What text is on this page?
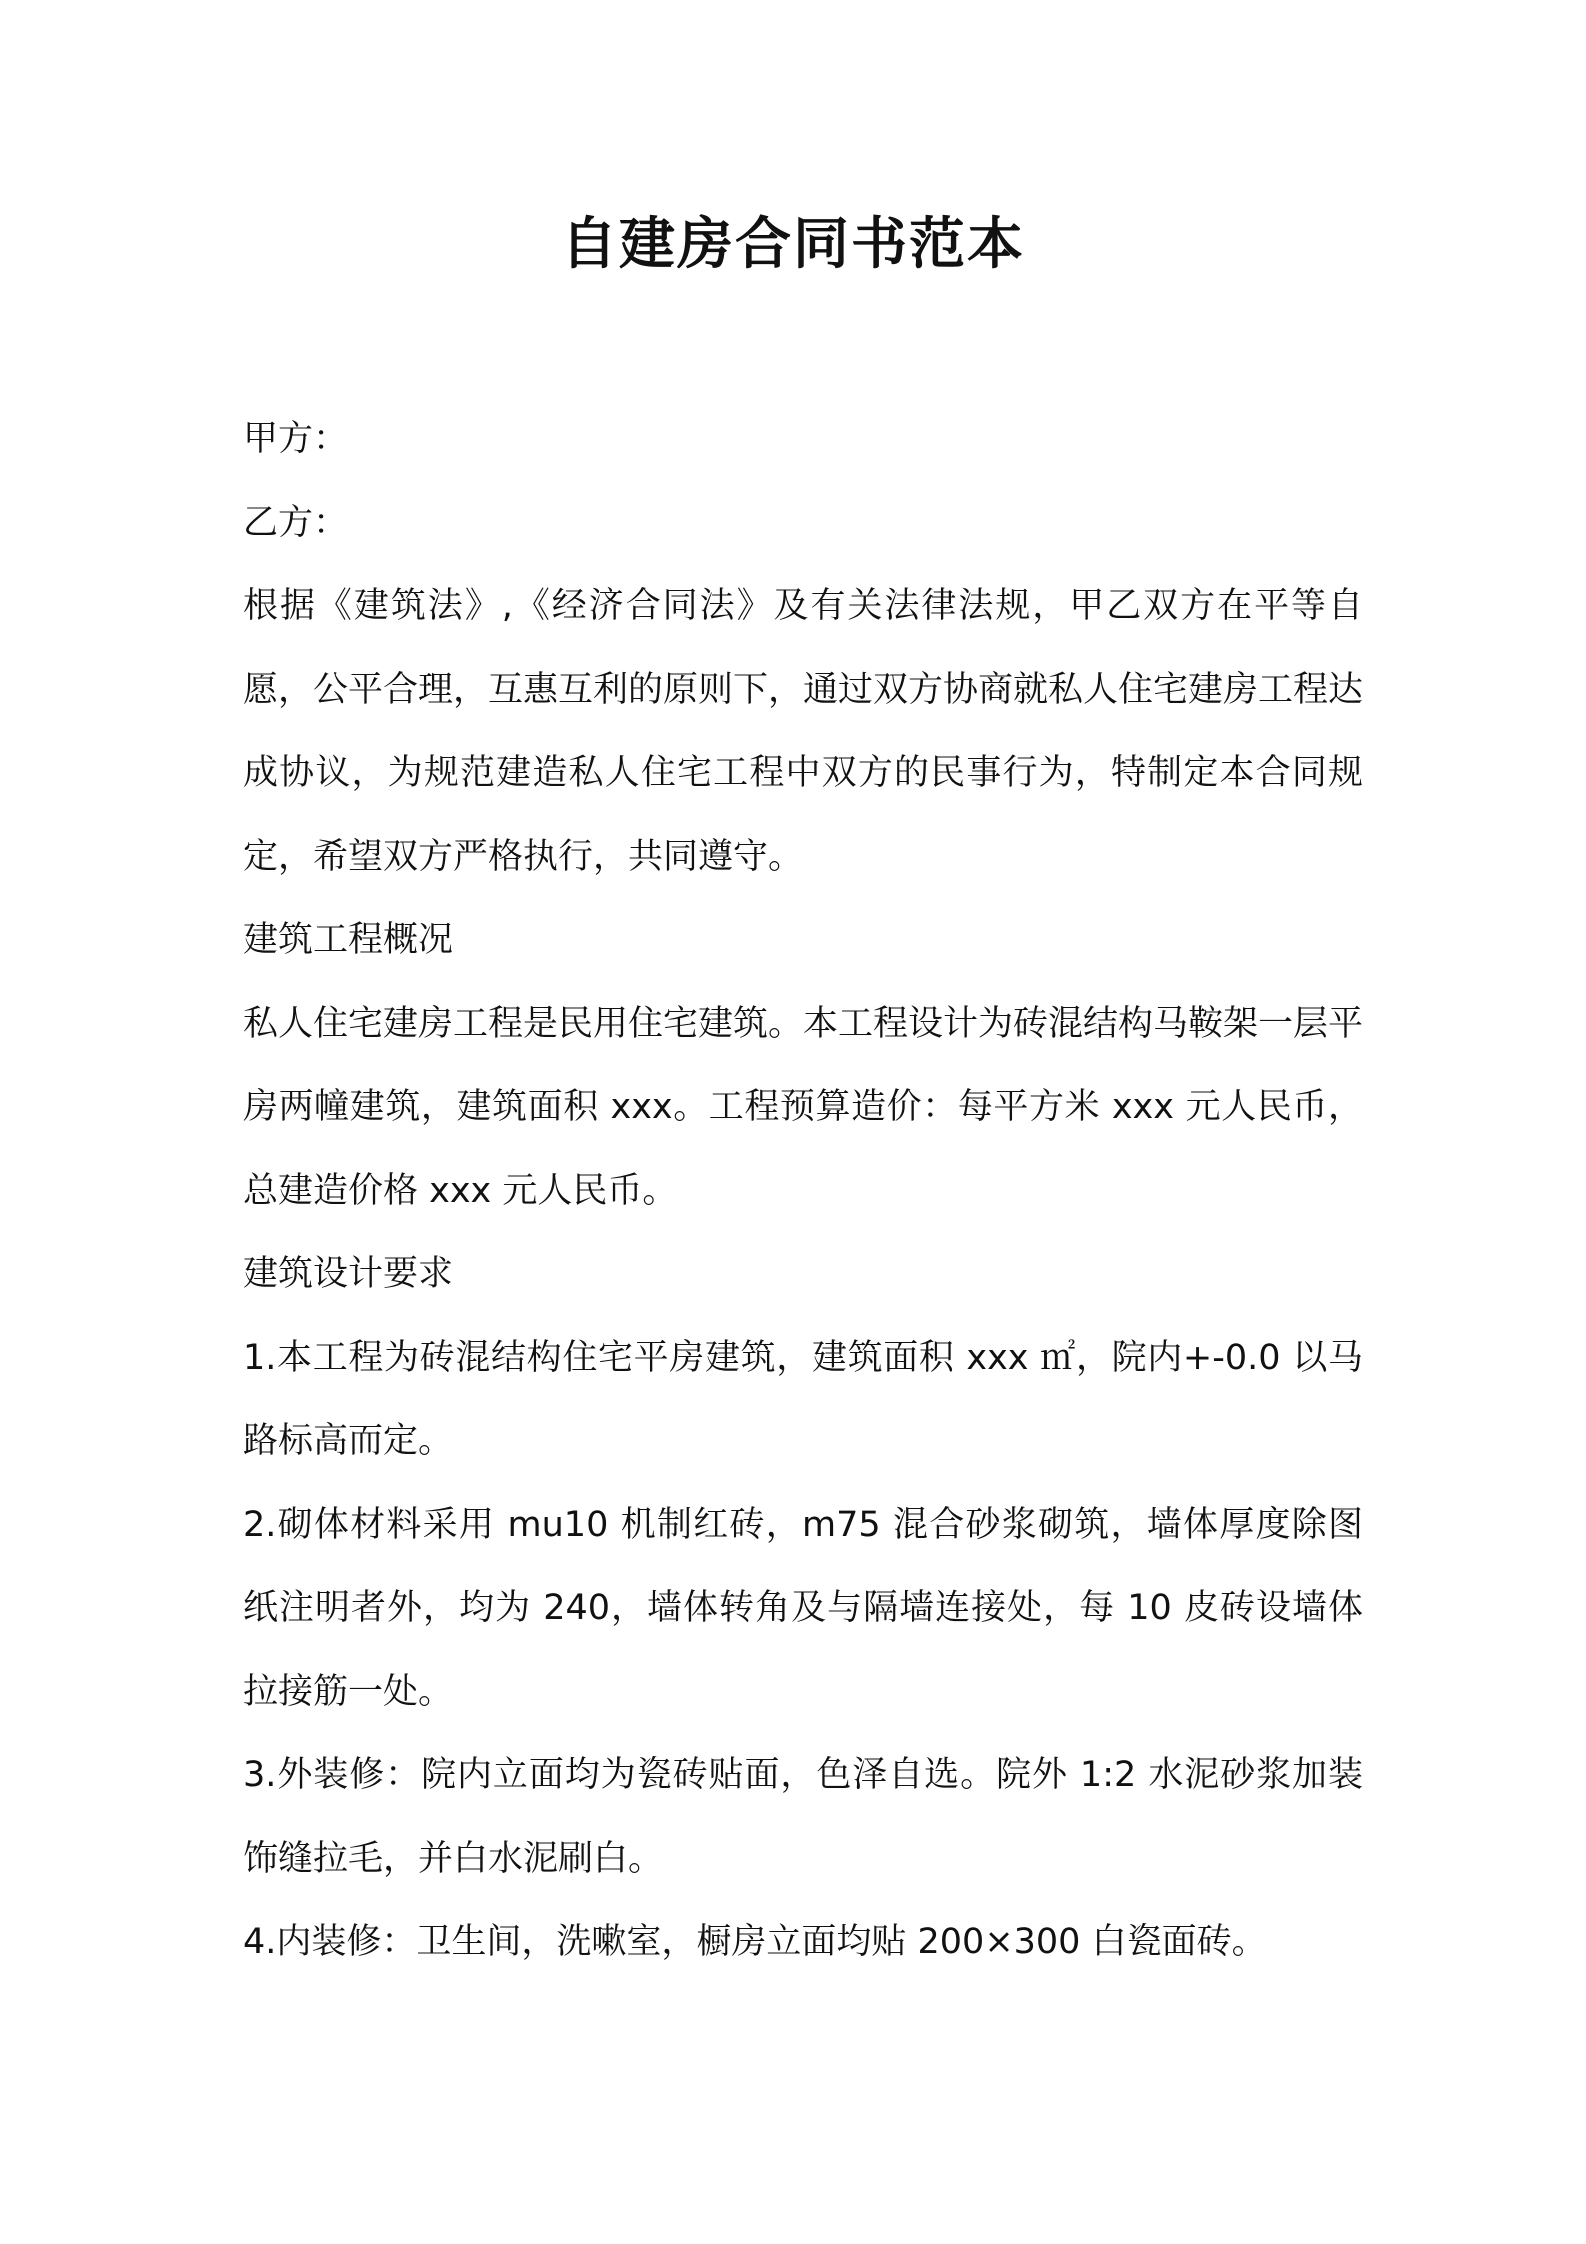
自建房合同书范本

甲方：

乙方：

根据《建筑法》,《经济合同法》及有关法律法规，甲乙双方在平等自愿，公平合理，互惠互利的原则下，通过双方协商就私人住宅建房工程达成协议，为规范建造私人住宅工程中双方的民事行为，特制定本合同规定，希望双方严格执行，共同遵守。

建筑工程概况

私人住宅建房工程是民用住宅建筑。本工程设计为砖混结构马鞍架一层平房两幢建筑，建筑面积 xxx。工程预算造价：每平方米 xxx 元人民币，总建造价格 xxx 元人民币。

建筑设计要求

1.本工程为砖混结构住宅平房建筑，建筑面积 xxx ㎡，院内+-0.0 以马路标高而定。

2.砌体材料采用 mu10 机制红砖，m75 混合砂浆砌筑，墙体厚度除图纸注明者外，均为 240，墙体转角及与隔墙连接处，每 10 皮砖设墙体拉接筋一处。

3.外装修：院内立面均为瓷砖贴面，色泽自选。院外 1:2 水泥砂浆加装饰缝拉毛，并白水泥刷白。

4.内装修：卫生间，洗嗽室，橱房立面均贴 200×300 白瓷面砖。
